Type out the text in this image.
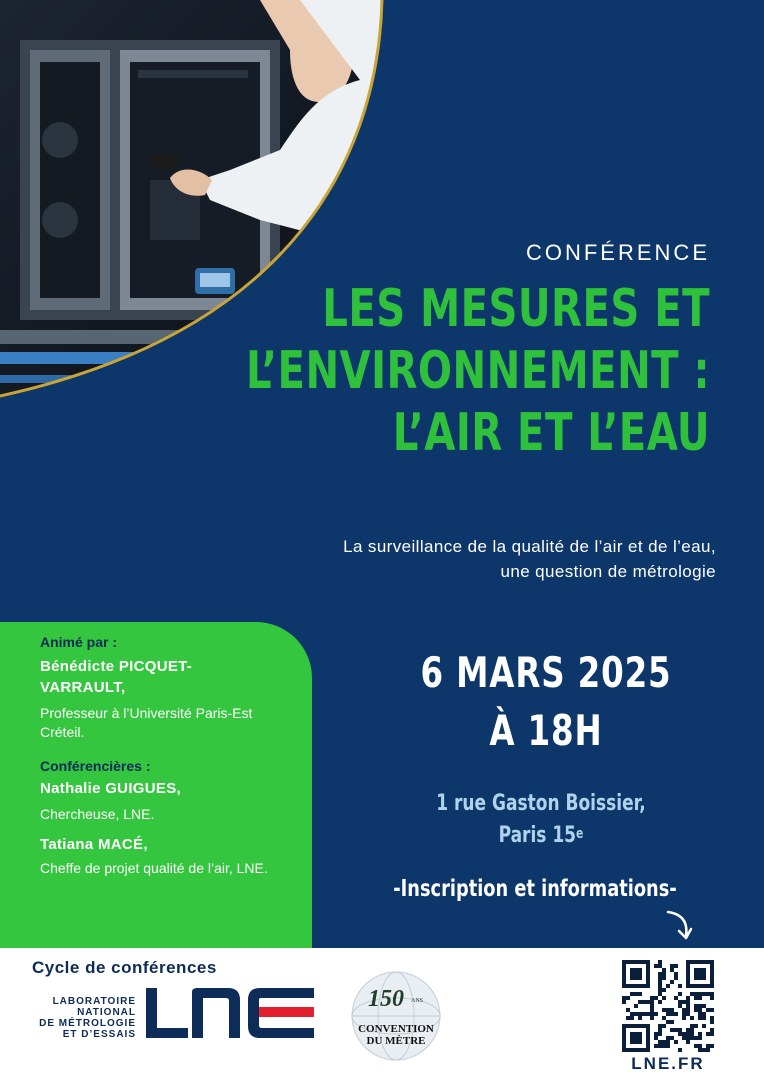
CONFÉRENCE
LES MESURES ET
L’ENVIRONNEMENT :
L’AIR ET L’EAU
La surveillance de la qualité de l’air et de l’eau,
une question de métrologie
Animé par :
Bénédicte PICQUET-VARRAULT,
Professeur à l’Université Paris-Est Créteil.
Conférencières :
Nathalie GUIGUES,
Chercheuse, LNE.
Tatiana MACÉ,
Cheffe de projet qualité de l’air, LNE.
6 MARS 2025
À 18H
1 rue Gaston Boissier,
Paris 15e
-Inscription et informations-
Cycle de conférences
LABORATOIRE
NATIONAL
DE MÉTROLOGIE
ET D’ESSAIS
150 ANS
CONVENTION
DU MÈTRE
LNE.FR
